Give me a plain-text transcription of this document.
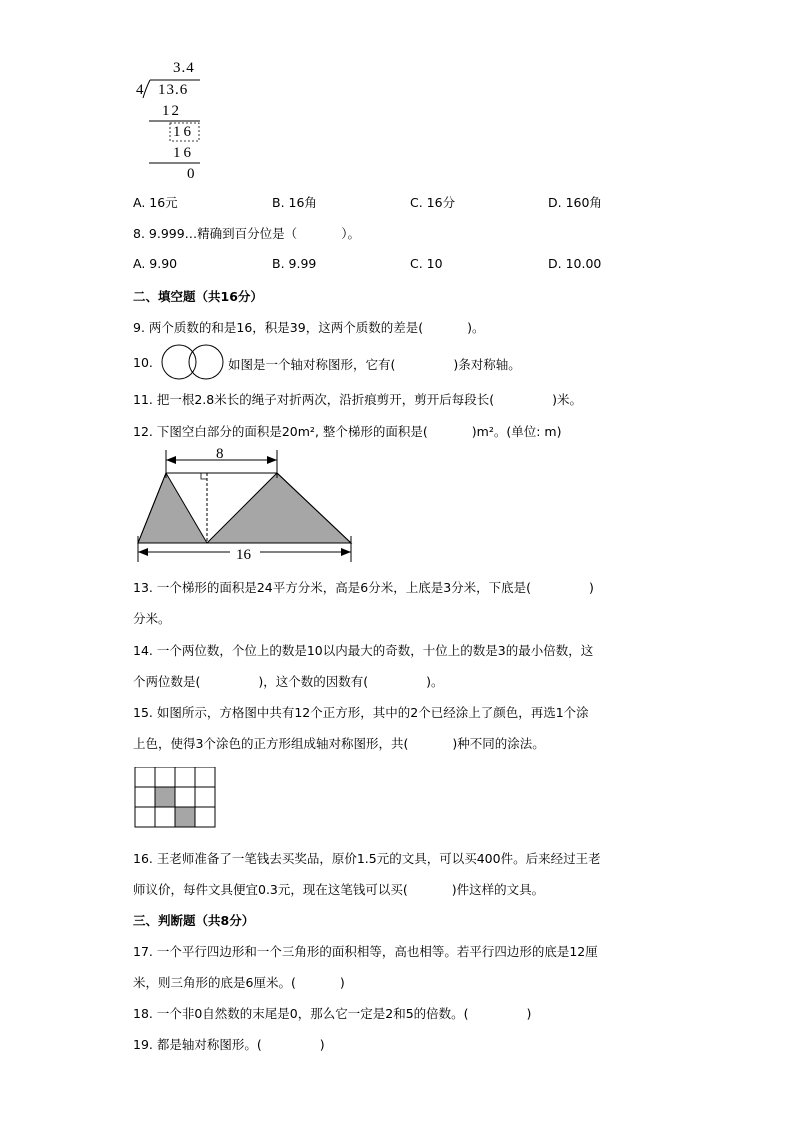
3.4
4 13.6
12
16
16
0
A. 16元	B. 16角	C. 16分	D. 160角
8. 9.999…精确到百分位是（	）。
A. 9.90	B. 9.99	C. 10	D. 10.00
二、填空题（共16分）
9. 两个质数的和是16，积是39，这两个质数的差是(	)。
10.	如图是一个轴对称图形，它有(	)条对称轴。
11. 把一根2.8米长的绳子对折两次，沿折痕剪开，剪开后每段长(	)米。
12. 下图空白部分的面积是20m², 整个梯形的面积是(	)m²。(单位: m)
8
16
13. 一个梯形的面积是24平方分米，高是6分米，上底是3分米，下底是(	)
分米。
14. 一个两位数，个位上的数是10以内最大的奇数，十位上的数是3的最小倍数，这
个两位数是(	)，这个数的因数有(	)。
15. 如图所示，方格图中共有12个正方形，其中的2个已经涂上了颜色，再选1个涂
上色，使得3个涂色的正方形组成轴对称图形，共(	)种不同的涂法。
16. 王老师准备了一笔钱去买奖品，原价1.5元的文具，可以买400件。后来经过王老
师议价，每件文具便宜0.3元，现在这笔钱可以买(	)件这样的文具。
三、判断题（共8分）
17. 一个平行四边形和一个三角形的面积相等，高也相等。若平行四边形的底是12厘
米，则三角形的底是6厘米。(	)
18. 一个非0自然数的末尾是0，那么它一定是2和5的倍数。(	)
19. 都是轴对称图形。(	)
